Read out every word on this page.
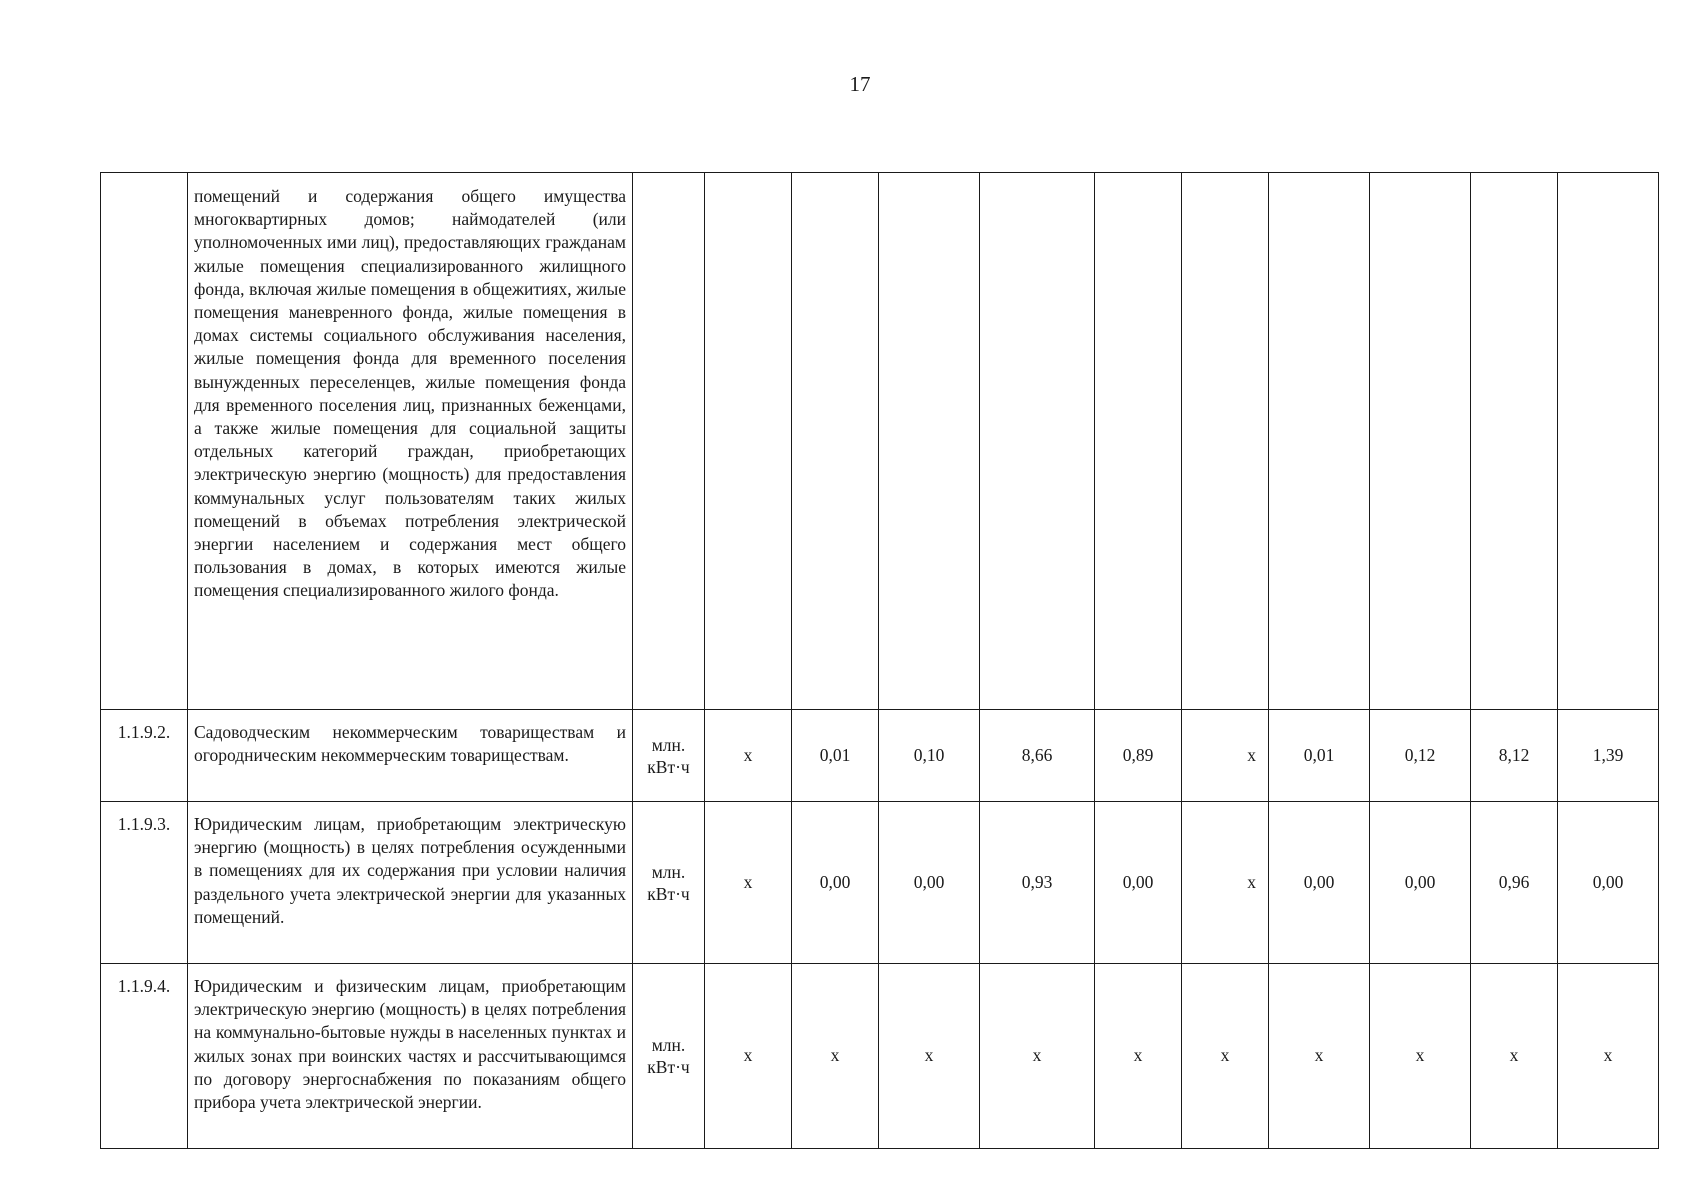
17
	помещений и содержания общего имущества многоквартирных домов; наймодателей (или уполномоченных ими лиц), предоставляющих гражданам жилые помещения специализированного жилищного фонда, включая жилые помещения в общежитиях, жилые помещения маневренного фонда, жилые помещения в домах системы социального обслуживания населения, жилые помещения фонда для временного поселения вынужденных переселенцев, жилые помещения фонда для временного поселения лиц, признанных беженцами, а также жилые помещения для социальной защиты отдельных категорий граждан, приобретающих электрическую энергию (мощность) для предоставления коммунальных услуг пользователям таких жилых помещений в объемах потребления электрической энергии населением и содержания мест общего пользования в домах, в которых имеются жилые помещения специализированного жилого фонда.											
1.1.9.2.	Садоводческим некоммерческим товариществам и огородническим некоммерческим товариществам.	млн. кВт·ч	х	0,01	0,10	8,66	0,89	х	0,01	0,12	8,12	1,39
1.1.9.3.	Юридическим лицам, приобретающим электрическую энергию (мощность) в целях потребления осужденными в помещениях для их содержания при условии наличия раздельного учета электрической энергии для указанных помещений.	млн. кВт·ч	х	0,00	0,00	0,93	0,00	х	0,00	0,00	0,96	0,00
1.1.9.4.	Юридическим и физическим лицам, приобретающим электрическую энергию (мощность) в целях потребления на коммунально-бытовые нужды в населенных пунктах и жилых зонах при воинских частях и рассчитывающимся по договору энергоснабжения по показаниям общего прибора учета электрической энергии.	млн. кВт·ч	х	х	х	х	х	х	х	х	х	х
